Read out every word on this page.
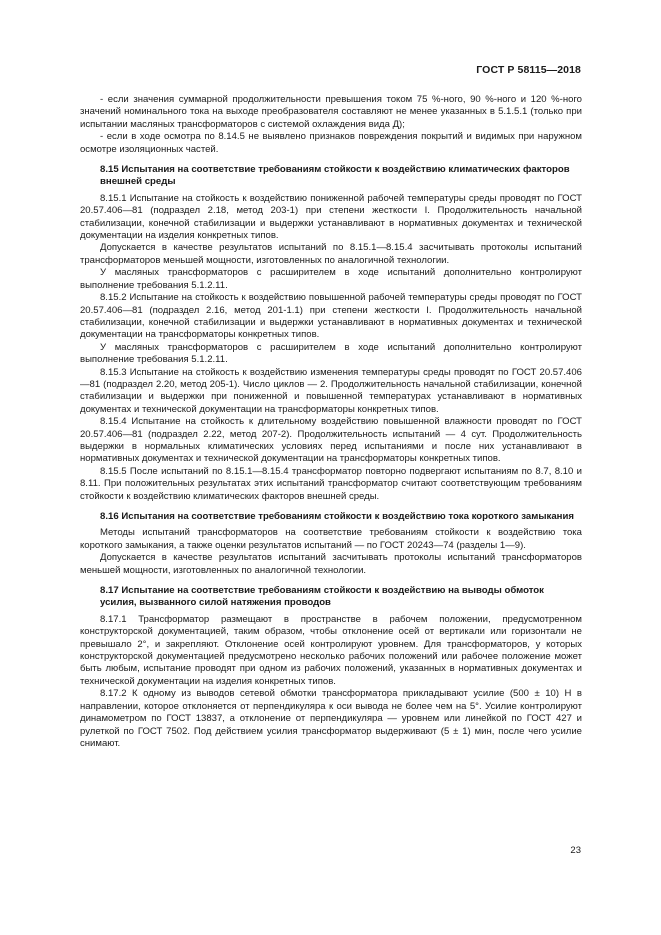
ГОСТ Р 58115—2018

- если значения суммарной продолжительности превышения током 75 %-ного, 90 %-ного и 120 %-ного значений номинального тока на выходе преобразователя составляют не менее указанных в 5.1.5.1 (только при испытании масляных трансформаторов с системой охлаждения вида Д);

- если в ходе осмотра по 8.14.5 не выявлено признаков повреждения покрытий и видимых при наружном осмотре изоляционных частей.

8.15 Испытания на соответствие требованиям стойкости к воздействию климатических факторов внешней среды

8.15.1 Испытание на стойкость к воздействию пониженной рабочей температуры среды проводят по ГОСТ 20.57.406—81 (подраздел 2.18, метод 203-1) при степени жесткости I. Продолжительность начальной стабилизации, конечной стабилизации и выдержки устанавливают в нормативных документах и технической документации на изделия конкретных типов.

Допускается в качестве результатов испытаний по 8.15.1—8.15.4 засчитывать протоколы испытаний трансформаторов меньшей мощности, изготовленных по аналогичной технологии.

У масляных трансформаторов с расширителем в ходе испытаний дополнительно контролируют выполнение требования 5.1.2.11.

8.15.2 Испытание на стойкость к воздействию повышенной рабочей температуры среды проводят по ГОСТ 20.57.406—81 (подраздел 2.16, метод 201-1.1) при степени жесткости I. Продолжительность начальной стабилизации, конечной стабилизации и выдержки устанавливают в нормативных документах и технической документации на трансформаторы конкретных типов.

У масляных трансформаторов с расширителем в ходе испытаний дополнительно контролируют выполнение требования 5.1.2.11.

8.15.3 Испытание на стойкость к воздействию изменения температуры среды проводят по ГОСТ 20.57.406—81 (подраздел 2.20, метод 205-1). Число циклов — 2. Продолжительность начальной стабилизации, конечной стабилизации и выдержки при пониженной и повышенной температурах устанавливают в нормативных документах и технической документации на трансформаторы конкретных типов.

8.15.4 Испытание на стойкость к длительному воздействию повышенной влажности проводят по ГОСТ 20.57.406—81 (подраздел 2.22, метод 207-2). Продолжительность испытаний — 4 сут. Продолжительность выдержки в нормальных климатических условиях перед испытаниями и после них устанавливают в нормативных документах и технической документации на трансформаторы конкретных типов.

8.15.5 После испытаний по 8.15.1—8.15.4 трансформатор повторно подвергают испытаниям по 8.7, 8.10 и 8.11. При положительных результатах этих испытаний трансформатор считают соответствующим требованиям стойкости к воздействию климатических факторов внешней среды.

8.16 Испытания на соответствие требованиям стойкости к воздействию тока короткого замыкания

Методы испытаний трансформаторов на соответствие требованиям стойкости к воздействию тока короткого замыкания, а также оценки результатов испытаний — по ГОСТ 20243—74 (разделы 1—9).

Допускается в качестве результатов испытаний засчитывать протоколы испытаний трансформаторов меньшей мощности, изготовленных по аналогичной технологии.

8.17 Испытание на соответствие требованиям стойкости к воздействию на выводы обмоток усилия, вызванного силой натяжения проводов

8.17.1 Трансформатор размещают в пространстве в рабочем положении, предусмотренном конструкторской документацией, таким образом, чтобы отклонение осей от вертикали или горизонтали не превышало 2°, и закрепляют. Отклонение осей контролируют уровнем. Для трансформаторов, у которых конструкторской документацией предусмотрено несколько рабочих положений или рабочее положение может быть любым, испытание проводят при одном из рабочих положений, указанных в нормативных документах и технической документации на изделия конкретных типов.

8.17.2 К одному из выводов сетевой обмотки трансформатора прикладывают усилие (500 ± 10) Н в направлении, которое отклоняется от перпендикуляра к оси вывода не более чем на 5°. Усилие контролируют динамометром по ГОСТ 13837, а отклонение от перпендикуляра — уровнем или линейкой по ГОСТ 427 и рулеткой по ГОСТ 7502. Под действием усилия трансформатор выдерживают (5 ± 1) мин, после чего усилие снимают.

23
